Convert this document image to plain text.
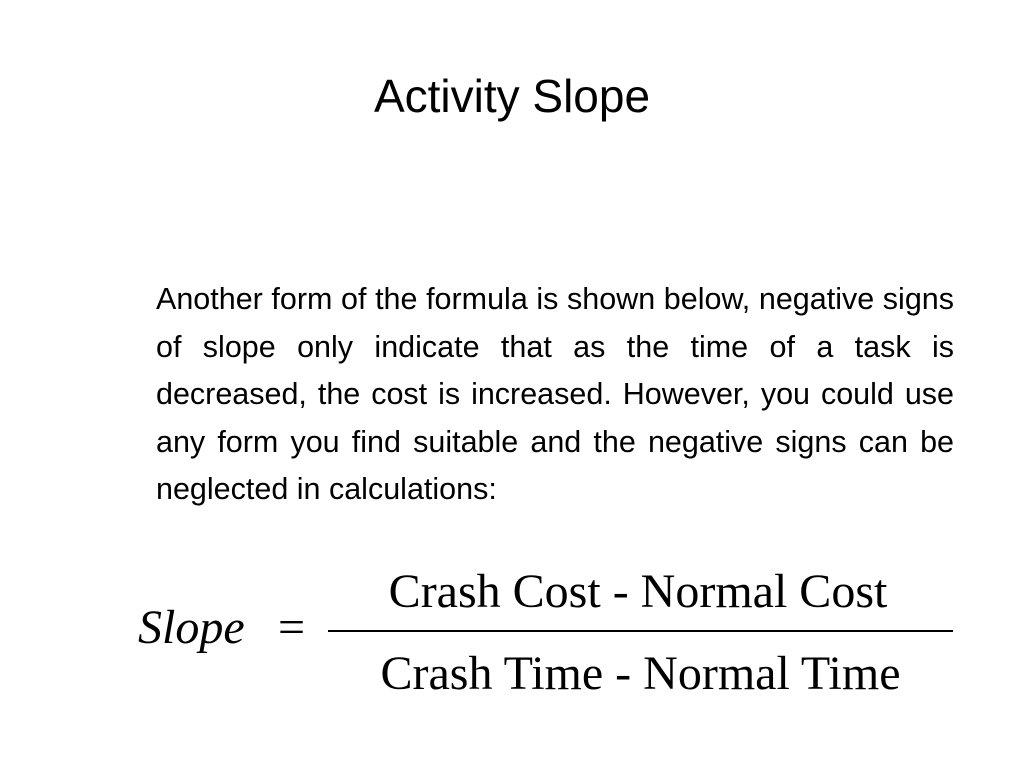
Activity Slope
Another form of the formula is shown below, negative signs of slope only indicate that as the time of a task is decreased, the cost is increased. However, you could use any form you find suitable and the negative signs can be neglected in calculations:
Slope =
Crash Cost - Normal Cost
Crash Time - Normal Time
